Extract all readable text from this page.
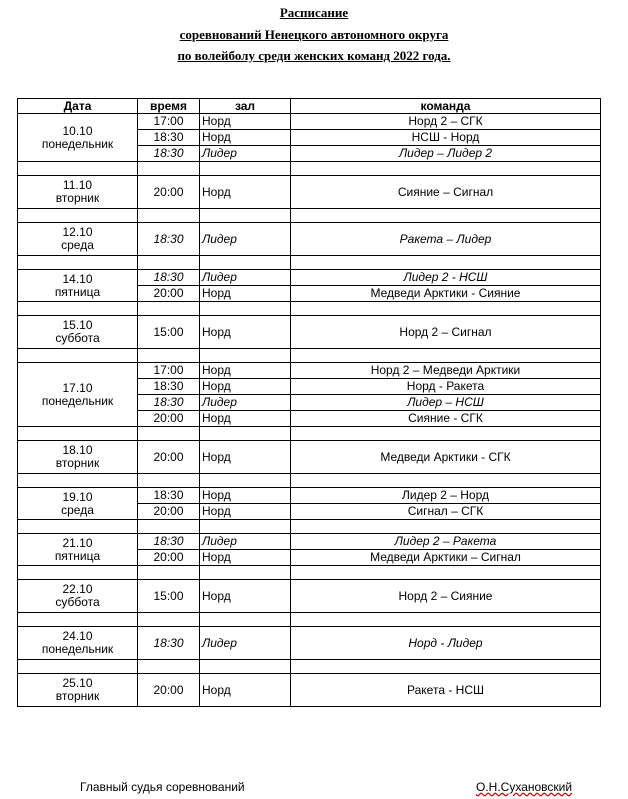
Расписание
соревнований Ненецкого автономного округа
по волейболу среди женских команд 2022 года.
Дата	время	зал	команда

10.10
понедельник	17:00	Норд	Норд 2 – СГК
	18:30	Норд	НСШ - Норд
	18:30	Лидер	Лидер – Лидер 2

11.10
вторник	20:00	Норд	Сияние – Сигнал

12.10
среда	18:30	Лидер	Ракета – Лидер

14.10
пятница	18:30	Лидер	Лидер 2 - НСШ
	20:00	Норд	Медведи Арктики - Сияние

15.10
суббота	15:00	Норд	Норд 2 – Сигнал

17.10
понедельник	17:00	Норд	Норд 2 – Медведи Арктики
	18:30	Норд	Норд - Ракета
	18:30	Лидер	Лидер – НСШ
	20:00	Норд	Сияние - СГК

18.10
вторник	20:00	Норд	Медведи Арктики - СГК

19.10
среда	18:30	Норд	Лидер 2 – Норд
	20:00	Норд	Сигнал – СГК

21.10
пятница	18:30	Лидер	Лидер 2 – Ракета
	20:00	Норд	Медведи Арктики – Сигнал

22.10
суббота	15:00	Норд	Норд 2 – Сияние

24.10
понедельник	18:30	Лидер	Норд - Лидер

25.10
вторник	20:00	Норд	Ракета - НСШ
Главный судья соревнований	О.Н.Сухановский
